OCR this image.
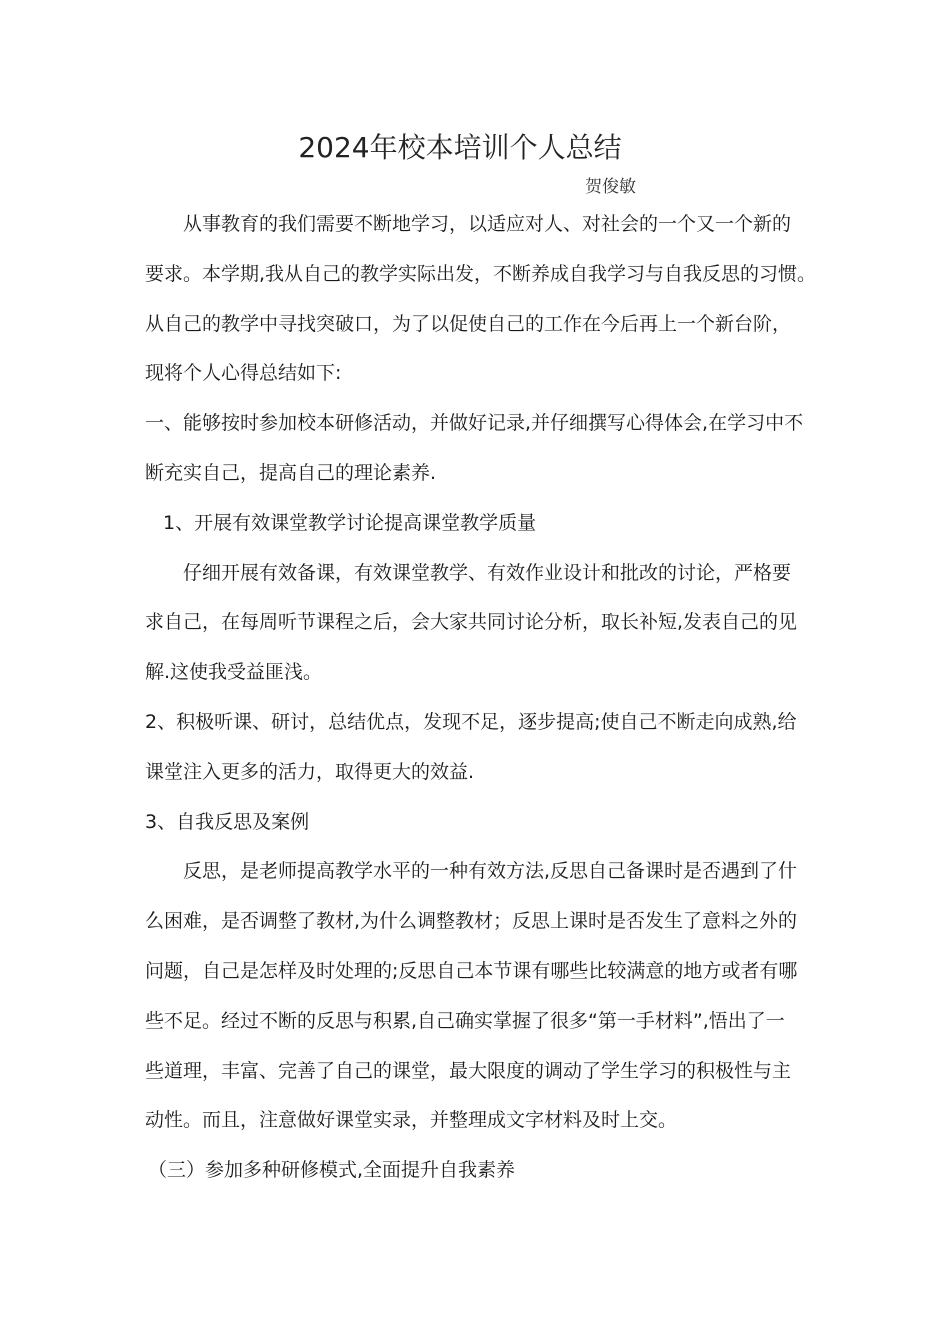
2024年校本培训个人总结
贺俊敏

从事教育的我们需要不断地学习，以适应对人、对社会的一个又一个新的

要求。本学期,我从自己的教学实际出发，不断养成自我学习与自我反思的习惯。

从自己的教学中寻找突破口，为了以促使自己的工作在今后再上一个新台阶，

现将个人心得总结如下:

一、能够按时参加校本研修活动，并做好记录,并仔细撰写心得体会,在学习中不

断充实自己，提高自己的理论素养.

1、开展有效课堂教学讨论提高课堂教学质量

仔细开展有效备课，有效课堂教学、有效作业设计和批改的讨论，严格要

求自己，在每周听节课程之后，会大家共同讨论分析，取长补短,发表自己的见

解.这使我受益匪浅。

2、积极听课、研讨，总结优点，发现不足，逐步提高;使自己不断走向成熟,给

课堂注入更多的活力，取得更大的效益.

3、自我反思及案例

反思，是老师提高教学水平的一种有效方法,反思自己备课时是否遇到了什

么困难，是否调整了教材,为什么调整教材；反思上课时是否发生了意料之外的

问题，自己是怎样及时处理的;反思自己本节课有哪些比较满意的地方或者有哪

些不足。经过不断的反思与积累,自己确实掌握了很多“第一手材料”,悟出了一

些道理，丰富、完善了自己的课堂，最大限度的调动了学生学习的积极性与主

动性。而且，注意做好课堂实录，并整理成文字材料及时上交。

（三）参加多种研修模式,全面提升自我素养
